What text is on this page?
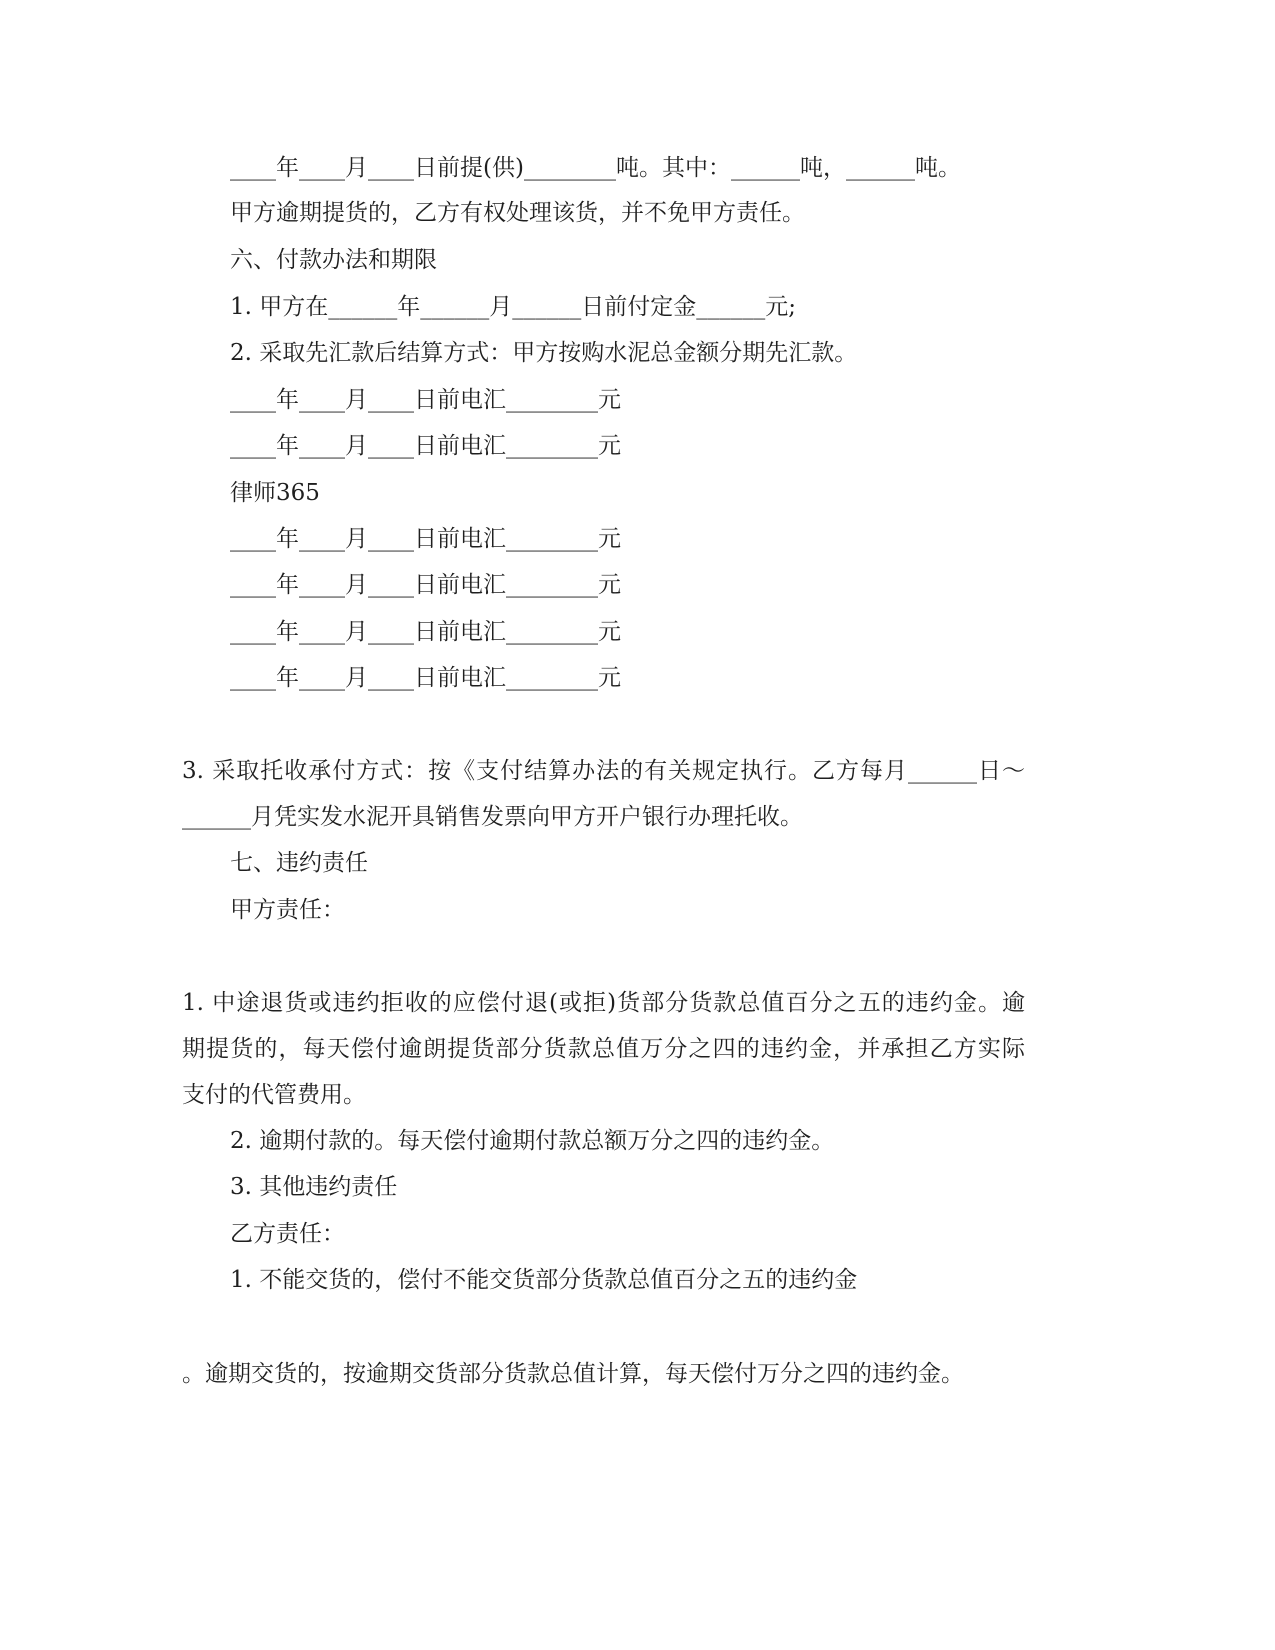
____年____月____日前提(供)________吨。其中：______吨，______吨。
甲方逾期提货的，乙方有权处理该货，并不免甲方责任。
六、付款办法和期限
1. 甲方在______年______月______日前付定金______元;
2. 采取先汇款后结算方式：甲方按购水泥总金额分期先汇款。
____年____月____日前电汇________元
____年____月____日前电汇________元
律师365
____年____月____日前电汇________元
____年____月____日前电汇________元
____年____月____日前电汇________元
____年____月____日前电汇________元
3. 采取托收承付方式：按《支付结算办法的有关规定执行。乙方每月______日～
______月凭实发水泥开具销售发票向甲方开户银行办理托收。
七、违约责任
甲方责任：
1. 中途退货或违约拒收的应偿付退(或拒)货部分货款总值百分之五的违约金。逾
期提货的，每天偿付逾朗提货部分货款总值万分之四的违约金，并承担乙方实际
支付的代管费用。
2. 逾期付款的。每天偿付逾期付款总额万分之四的违约金。
3. 其他违约责任
乙方责任：
1. 不能交货的，偿付不能交货部分货款总值百分之五的违约金
。逾期交货的，按逾期交货部分货款总值计算，每天偿付万分之四的违约金。
